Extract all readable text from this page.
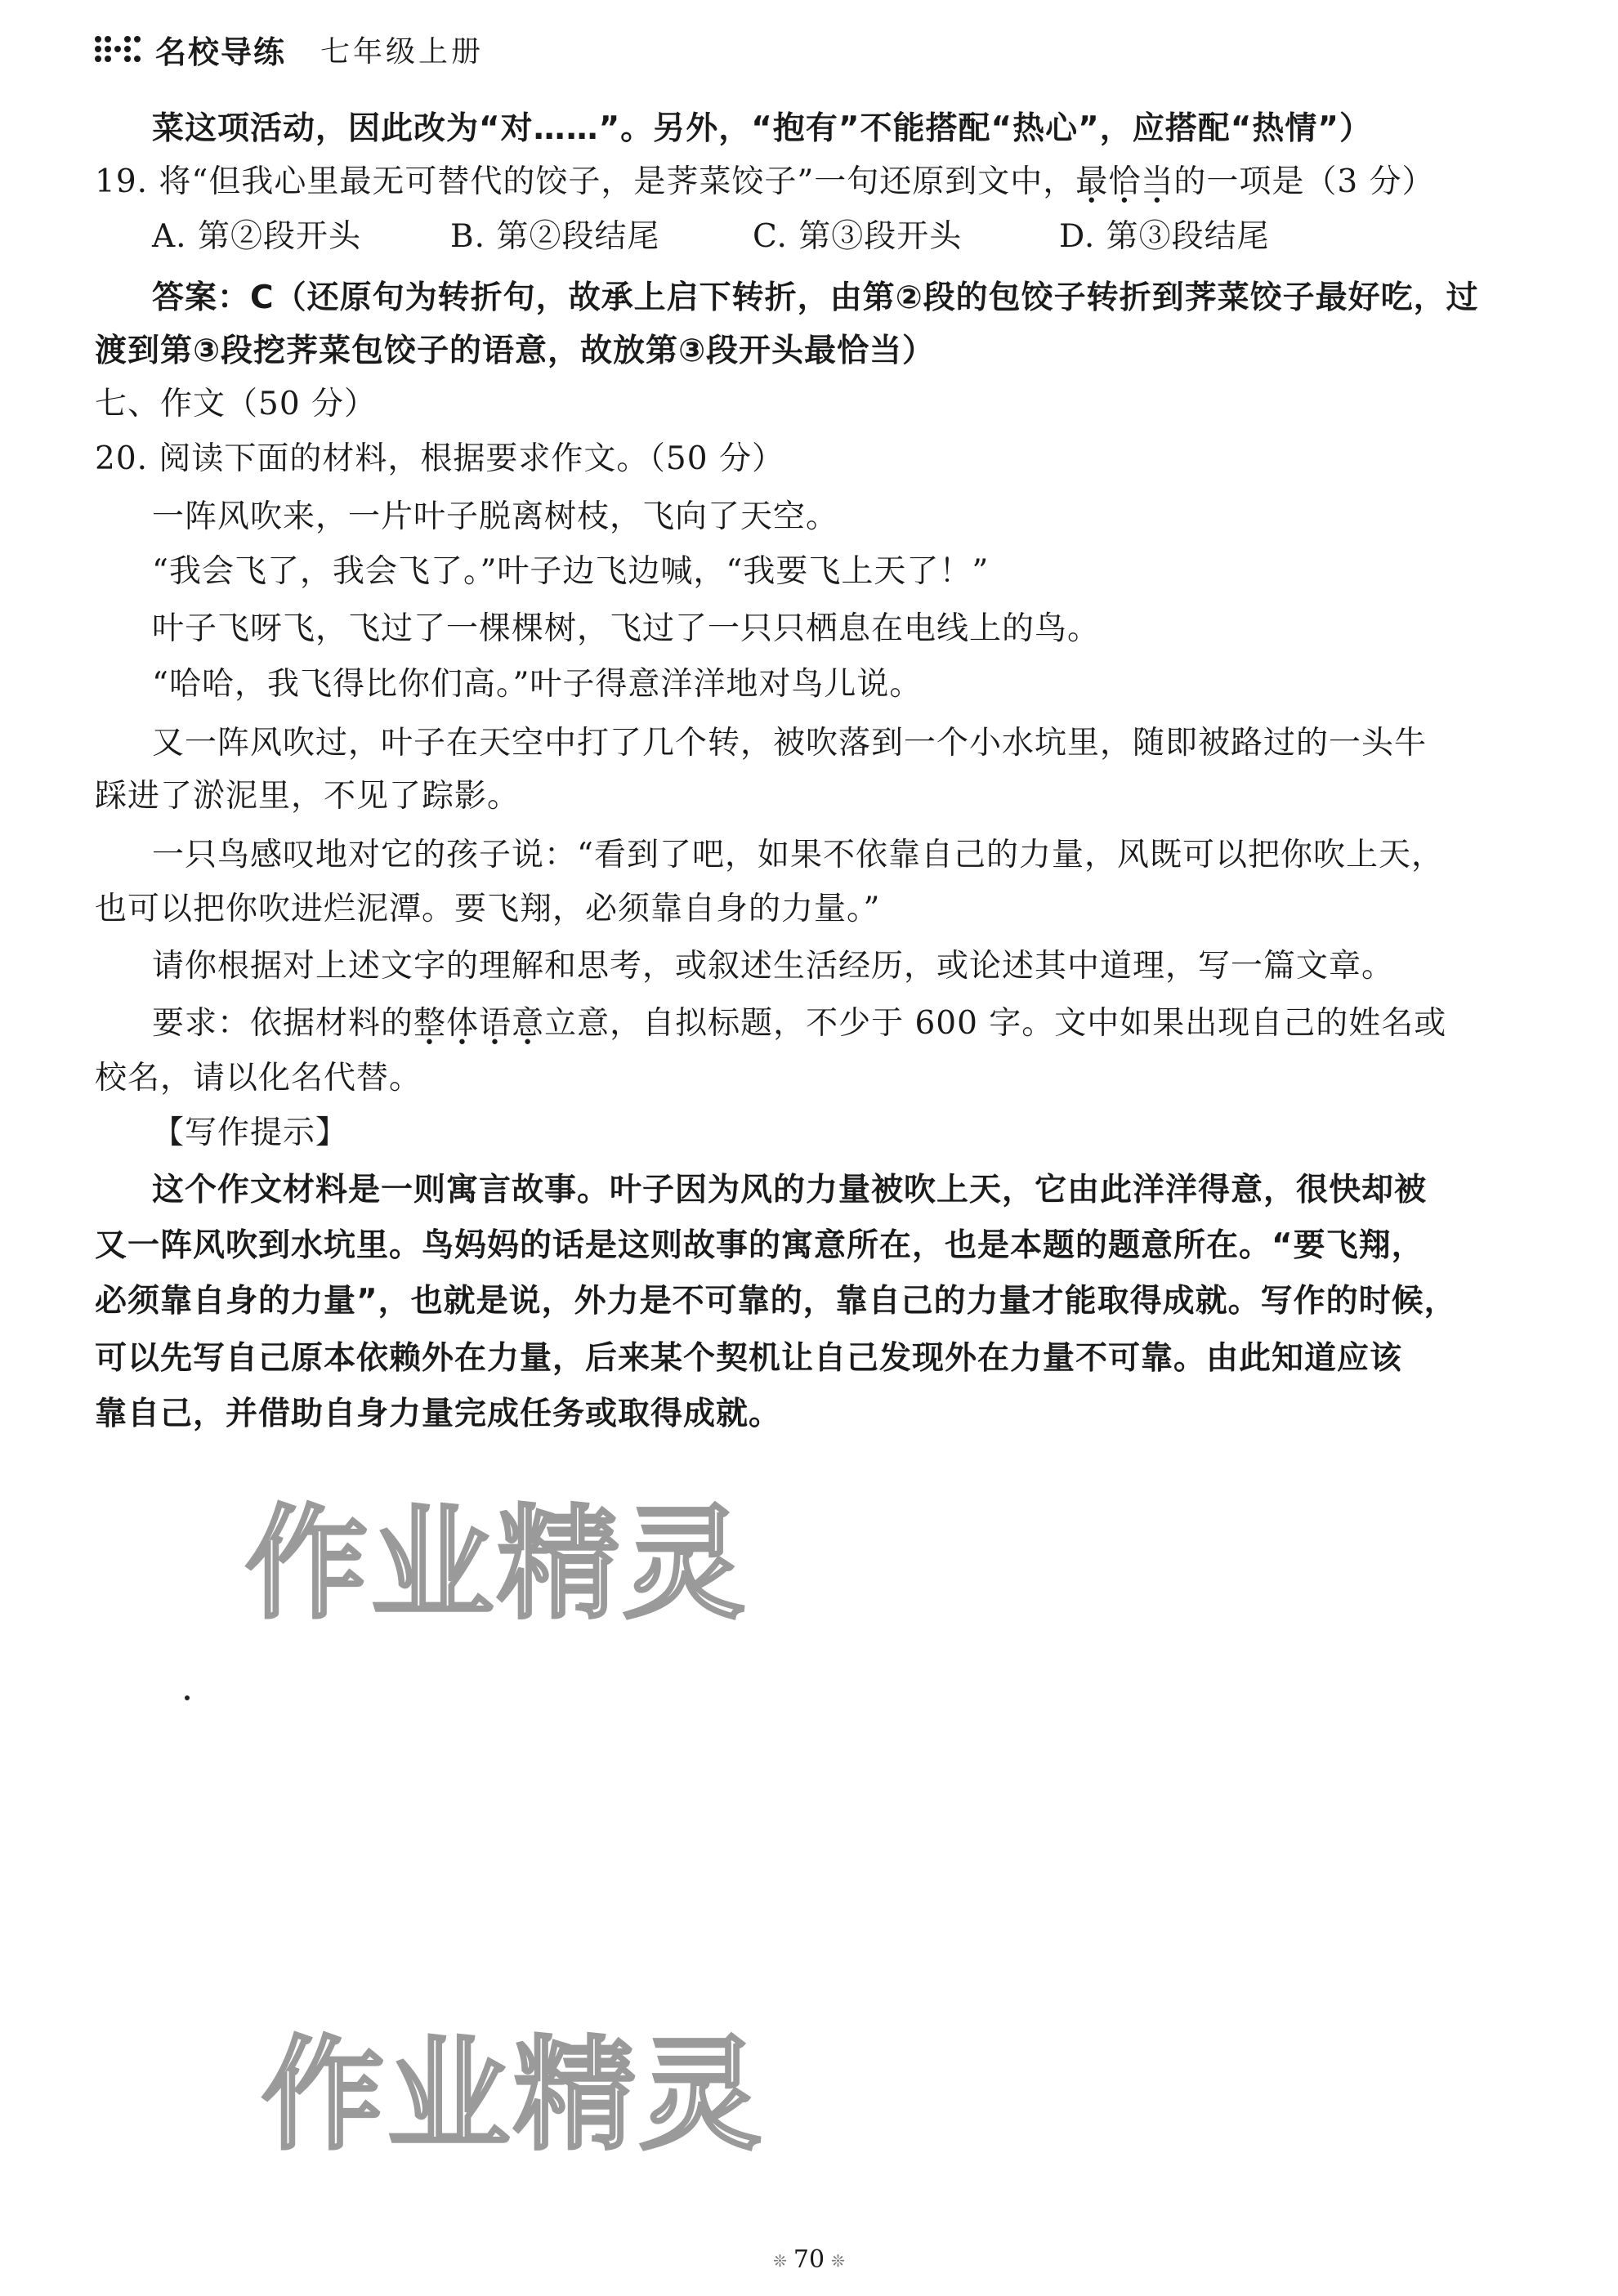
名校导练 七年级上册
菜这项活动，因此改为“对……”。另外，“抱有”不能搭配“热心”，应搭配“热情”）
19. 将“但我心里最无可替代的饺子，是荠菜饺子”一句还原到文中，最恰当的一项是（3 分）
A. 第②段开头	B. 第②段结尾	C. 第③段开头	D. 第③段结尾
答案：C（还原句为转折句，故承上启下转折，由第②段的包饺子转折到荠菜饺子最好吃，过
渡到第③段挖荠菜包饺子的语意，故放第③段开头最恰当）
七、作文（50 分）
20. 阅读下面的材料，根据要求作文。（50 分）
一阵风吹来，一片叶子脱离树枝，飞向了天空。
“我会飞了，我会飞了。”叶子边飞边喊，“我要飞上天了！”
叶子飞呀飞，飞过了一棵棵树，飞过了一只只栖息在电线上的鸟。
“哈哈，我飞得比你们高。”叶子得意洋洋地对鸟儿说。
又一阵风吹过，叶子在天空中打了几个转，被吹落到一个小水坑里，随即被路过的一头牛
踩进了淤泥里，不见了踪影。
一只鸟感叹地对它的孩子说：“看到了吧，如果不依靠自己的力量，风既可以把你吹上天，
也可以把你吹进烂泥潭。要飞翔，必须靠自身的力量。”
请你根据对上述文字的理解和思考，或叙述生活经历，或论述其中道理，写一篇文章。
要求：依据材料的整体语意立意，自拟标题，不少于 600 字。文中如果出现自己的姓名或
校名，请以化名代替。
【写作提示】
这个作文材料是一则寓言故事。叶子因为风的力量被吹上天，它由此洋洋得意，很快却被
又一阵风吹到水坑里。鸟妈妈的话是这则故事的寓意所在，也是本题的题意所在。“要飞翔，
必须靠自身的力量”，也就是说，外力是不可靠的，靠自己的力量才能取得成就。写作的时候，
可以先写自己原本依赖外在力量，后来某个契机让自己发现外在力量不可靠。由此知道应该
靠自己，并借助自身力量完成任务或取得成就。
作业精灵
作业精灵
❊ 70 ❊
